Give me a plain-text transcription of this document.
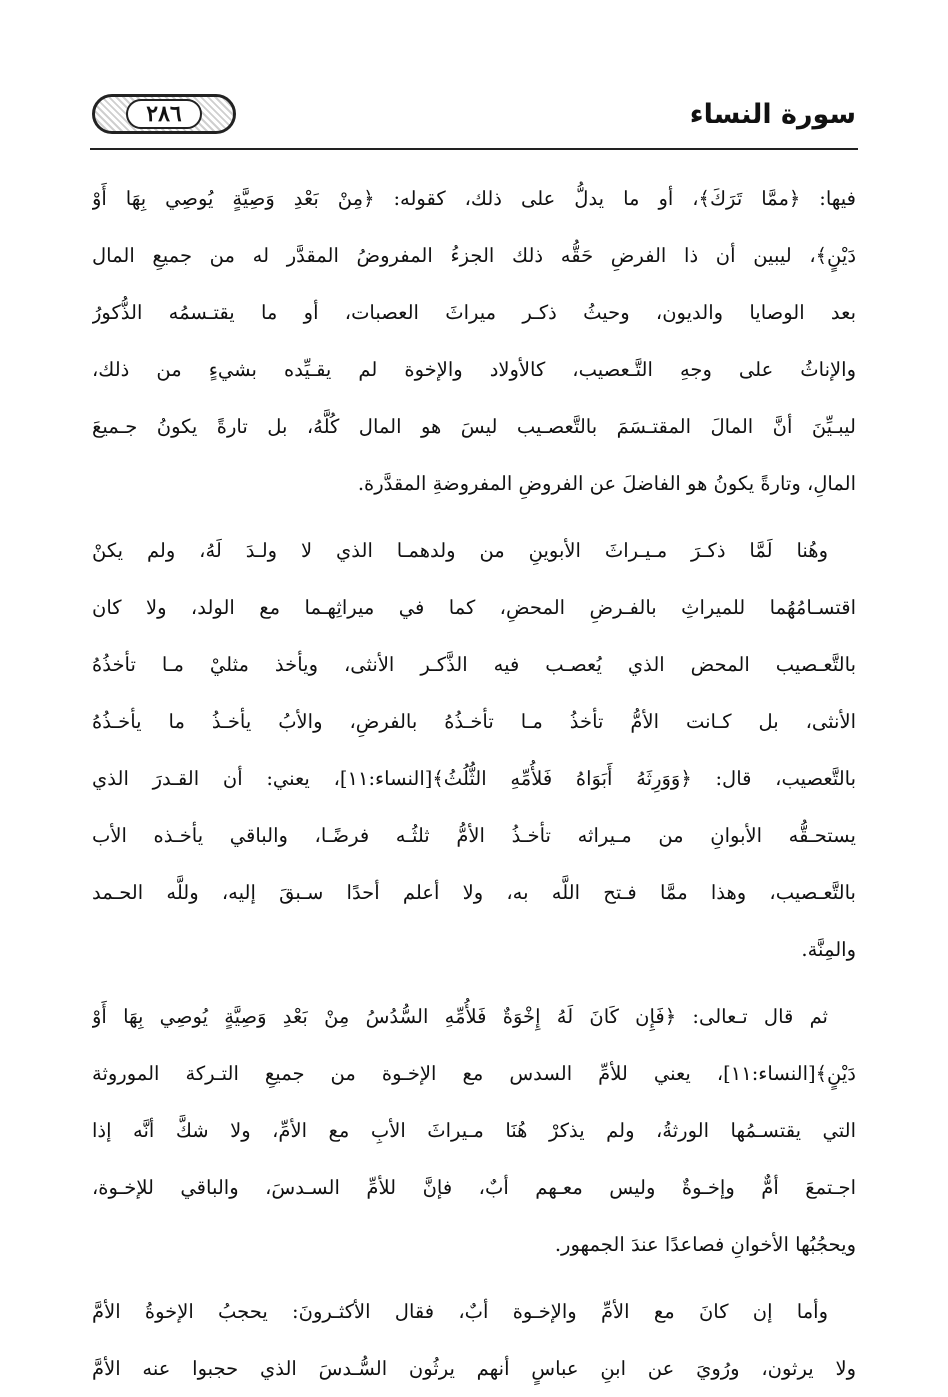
٢٨٦	سورة النساء
فيها: ﴿ممَّا تَرَكَ﴾، أو ما يدلُّ على ذلك، كقوله: ﴿مِنْ بَعْدِ وَصِيَّةٍ يُوصِي بِهَا أَوْ
دَيْنٍ﴾، ليبين أن ذا الفرضِ حَقُّه ذلك الجزءُ المفروضُ المقدَّر له من جميعِ المال
بعد الوصايا والديون، وحيثُ ذكـر ميراثَ العصبات، أو ما يقتـسمُه الذُّكورُ
والإناثُ على وجهِ التَّـعصيب، كالأولاد والإخوة لم يقـيِّده بشيءٍ من ذلك،
ليبـيِّنَ أنَّ المالَ المقتـسَمَ بالتَّعصـيب ليسَ هو المال كُلَّهُ، بل تارةً يكونُ جـميعَ
المالِ، وتارةً يكونُ هو الفاضلَ عن الفروضِ المفروضةِ المقدَّرة.
وهُنا لَمَّا ذكـرَ مـيـراثَ الأبوينِ من ولدهمـا الذي لا ولـدَ لَهُ، ولم يكنْ
اقتسـامُهُما للميراثِ بالفـرضِ المحضِ، كما في ميراثِهـما مع الولد، ولا كان
بالتَّعـصيب المحض الذي يُعصـب فيه الذَّكـر الأنثى، ويأخذ مثليْ مـا تأخذُهُ
الأنثى، بل كـانت الأمُّ تأخذُ مـا تأخـذُهُ بالفرضِ، والأبُ يأخـذُ ما يأخـذُهُ
بالتَّعصيب، قال: ﴿وَوَرِثَهُ أَبَوَاهُ فَلأُمِّهِ الثُّلُثُ﴾[النساء:١١]، يعني: أن القـدرَ الذي
يستحـقُّه الأبوانِ من مـيراثه تأخـذُ الأمُّ ثلثُـه فرضًـا، والباقي يأخـذه الأب
بالتَّعـصيب، وهذا ممَّا فـتح اللَّه به، ولا أعلم أحدًا سـبقَ إليه، وللَّه الحـمد
والمِنَّة.
ثم قال تـعالى: ﴿فَإِن كَانَ لَهُ إِخْوَةٌ فَلأُمِّهِ السُّدُسُ مِنْ بَعْدِ وَصِيَّةٍ يُوصِي بِهَا أَوْ
دَيْنٍ﴾[النساء:١١]، يعني للأمِّ السدس مع الإخـوة من جميعِ التـركة الموروثة
التي يقتسـمُها الورثةُ، ولم يذكرْ هُنَا مـيراثَ الأبِ مع الأمِّ، ولا شكَّ أنَّه إذا
اجـتمعَ أمٌّ وإخـوةٌ وليس معـهم أبٌ، فإنَّ للأمِّ السـدسَ، والباقي للإخـوة،
ويحجُبُها الأخوانِ فصاعدًا عندَ الجمهور.
وأما إن كانَ مع الأمِّ والإخـوة أبٌ، فقال الأكثـرونَ: يحجبُ الإخوةُ الأمَّ
ولا يرثون، ورُويَ عن ابنِ عباسٍ أنهم يرثُون السُّـدسَ الذي حجبوا عنه الأمَّ
